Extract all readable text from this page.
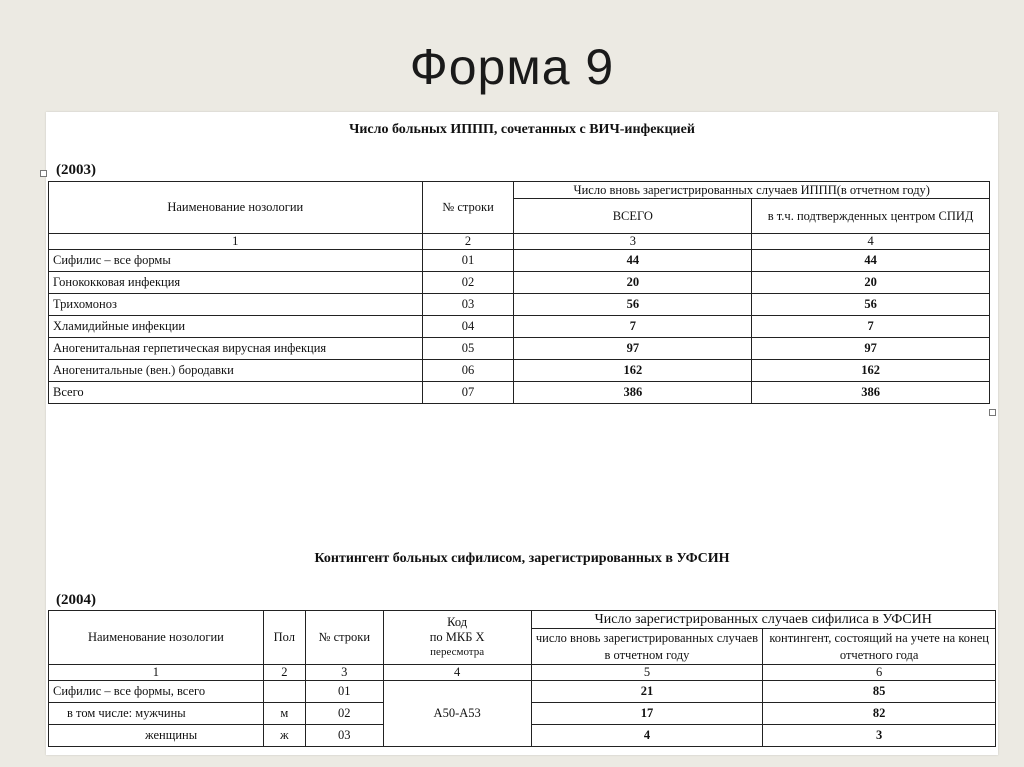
Форма 9
Число больных ИППП, сочетанных с ВИЧ-инфекцией
(2003)
Наименование нозологии	№ строки	Число вновь зарегистрированных случаев ИППП(в отчетном году)	
		ВСЕГО	в т.ч. подтвержденных центром СПИД
1	2	3	4
Сифилис – все формы	01	44	44
Гонококковая инфекция	02	20	20
Трихомоноз	03	56	56
Хламидийные инфекции	04	7	7
Аногенитальная герпетическая вирусная инфекция	05	97	97
Аногенитальные (вен.) бородавки	06	162	162
Всего	07	386	386
Контингент больных сифилисом, зарегистрированных в УФСИН
(2004)
Наименование нозологии	Пол	№ строки	Код
по МКБ Х
пересмотра	Число зарегистрированных случаев сифилиса в УФСИН	
				число вновь зарегистрированных случаев в отчетном году	контингент, состоящий на учете на конец отчетного года
1	2	3	4	5	6
Сифилис – все формы, всего		01	А50-А53	21	85
в том числе: мужчины	м	02		17	82
женщины	ж	03		4	3
